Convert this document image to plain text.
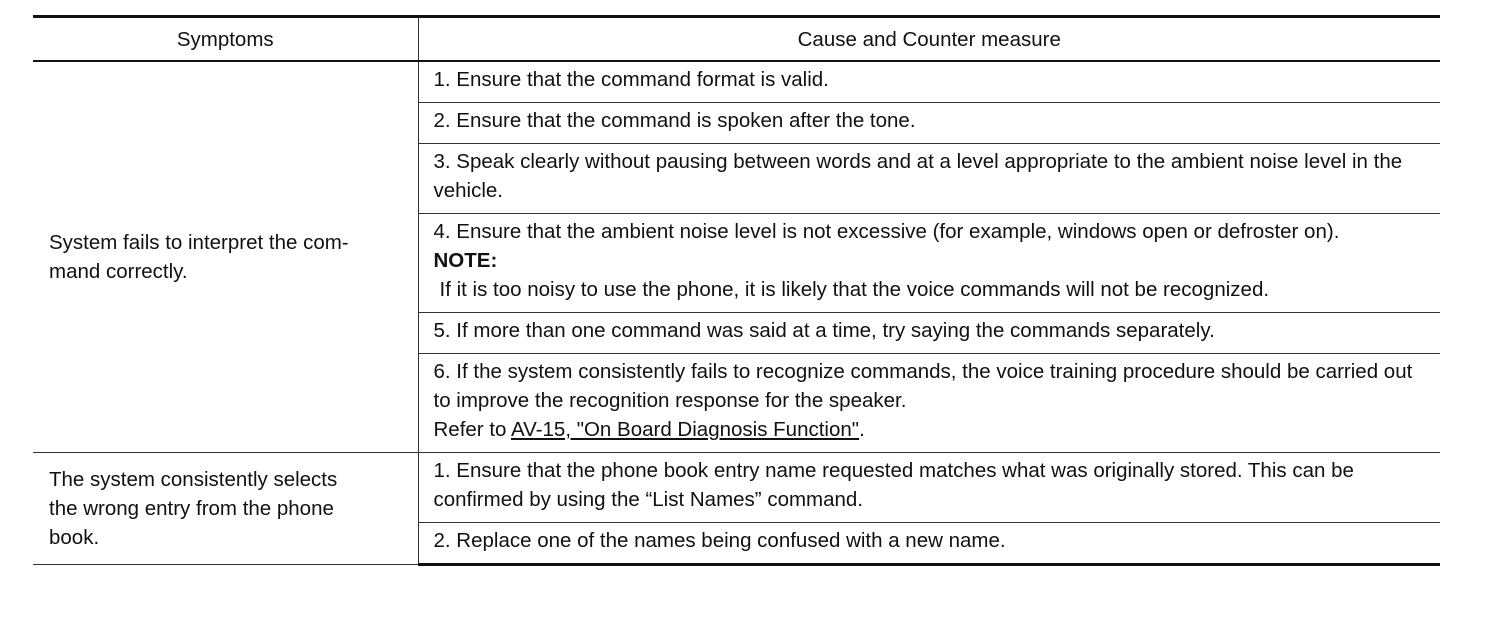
Symptoms	Cause and Counter measure

System fails to interpret the com-
mand correctly.	1. Ensure that the command format is valid.
	2. Ensure that the command is spoken after the tone.
	3. Speak clearly without pausing between words and at a level appropriate to the ambient noise level in the vehicle.

	4. Ensure that the ambient noise level is not excessive (for example, windows open or defroster on).
NOTE:
If it is too noisy to use the phone, it is likely that the voice commands will not be recognized.

	5. If more than one command was said at a time, try saying the commands separately.

	6. If the system consistently fails to recognize commands, the voice training procedure should be carried out to improve the recognition response for the speaker.
Refer to AV-15, "On Board Diagnosis Function".

The system consistently selects
the wrong entry from the phone
book.	1. Ensure that the phone book entry name requested matches what was originally stored. This can be confirmed by using the “List Names” command.
	2. Replace one of the names being confused with a new name.
